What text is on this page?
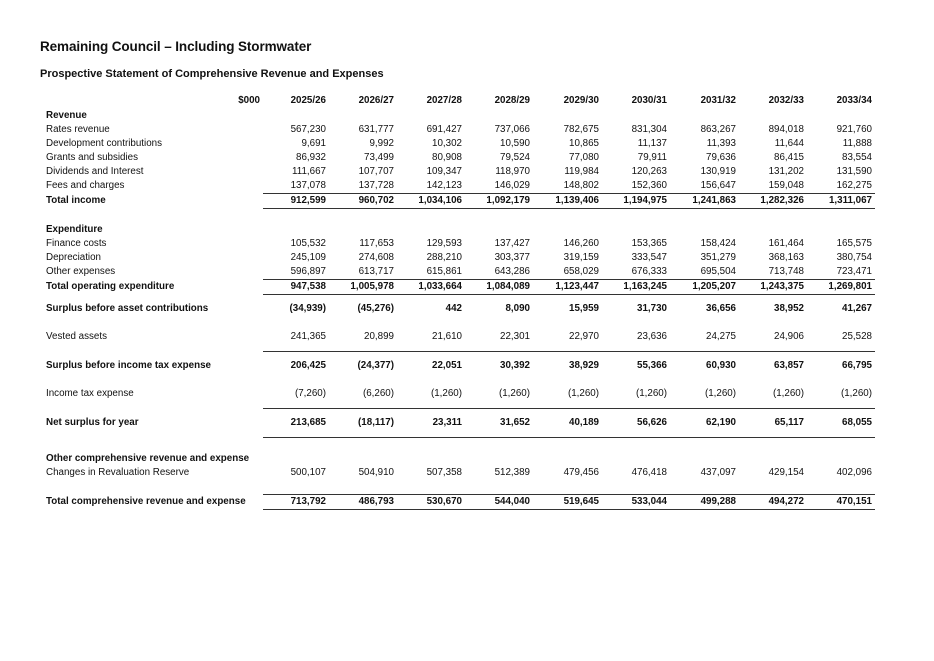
Remaining Council – Including Stormwater
Prospective Statement of Comprehensive Revenue and Expenses
$000	2025/26	2026/27	2027/28	2028/29	2029/30	2030/31	2031/32	2032/33	2033/34
Revenue									
Rates revenue	567,230	631,777	691,427	737,066	782,675	831,304	863,267	894,018	921,760
Development contributions	9,691	9,992	10,302	10,590	10,865	11,137	11,393	11,644	11,888
Grants and subsidies	86,932	73,499	80,908	79,524	77,080	79,911	79,636	86,415	83,554
Dividends and Interest	111,667	107,707	109,347	118,970	119,984	120,263	130,919	131,202	131,590
Fees and charges	137,078	137,728	142,123	146,029	148,802	152,360	156,647	159,048	162,275
Total income	912,599	960,702	1,034,106	1,092,179	1,139,406	1,194,975	1,241,863	1,282,326	1,311,067

Expenditure									
Finance costs	105,532	117,653	129,593	137,427	146,260	153,365	158,424	161,464	165,575
Depreciation	245,109	274,608	288,210	303,377	319,159	333,547	351,279	368,163	380,754
Other expenses	596,897	613,717	615,861	643,286	658,029	676,333	695,504	713,748	723,471
Total operating expenditure	947,538	1,005,978	1,033,664	1,084,089	1,123,447	1,163,245	1,205,207	1,243,375	1,269,801
Surplus before asset contributions	(34,939)	(45,276)	442	8,090	15,959	31,730	36,656	38,952	41,267
Vested assets	241,365	20,899	21,610	22,301	22,970	23,636	24,275	24,906	25,528
Surplus before income tax expense	206,425	(24,377)	22,051	30,392	38,929	55,366	60,930	63,857	66,795
Income tax expense	(7,260)	(6,260)	(1,260)	(1,260)	(1,260)	(1,260)	(1,260)	(1,260)	(1,260)
Net surplus for year	213,685	(18,117)	23,311	31,652	40,189	56,626	62,190	65,117	68,055

Other comprehensive revenue and expense									
Changes in Revaluation Reserve	500,107	504,910	507,358	512,389	479,456	476,418	437,097	429,154	402,096

Total comprehensive revenue and expense	713,792	486,793	530,670	544,040	519,645	533,044	499,288	494,272	470,151
